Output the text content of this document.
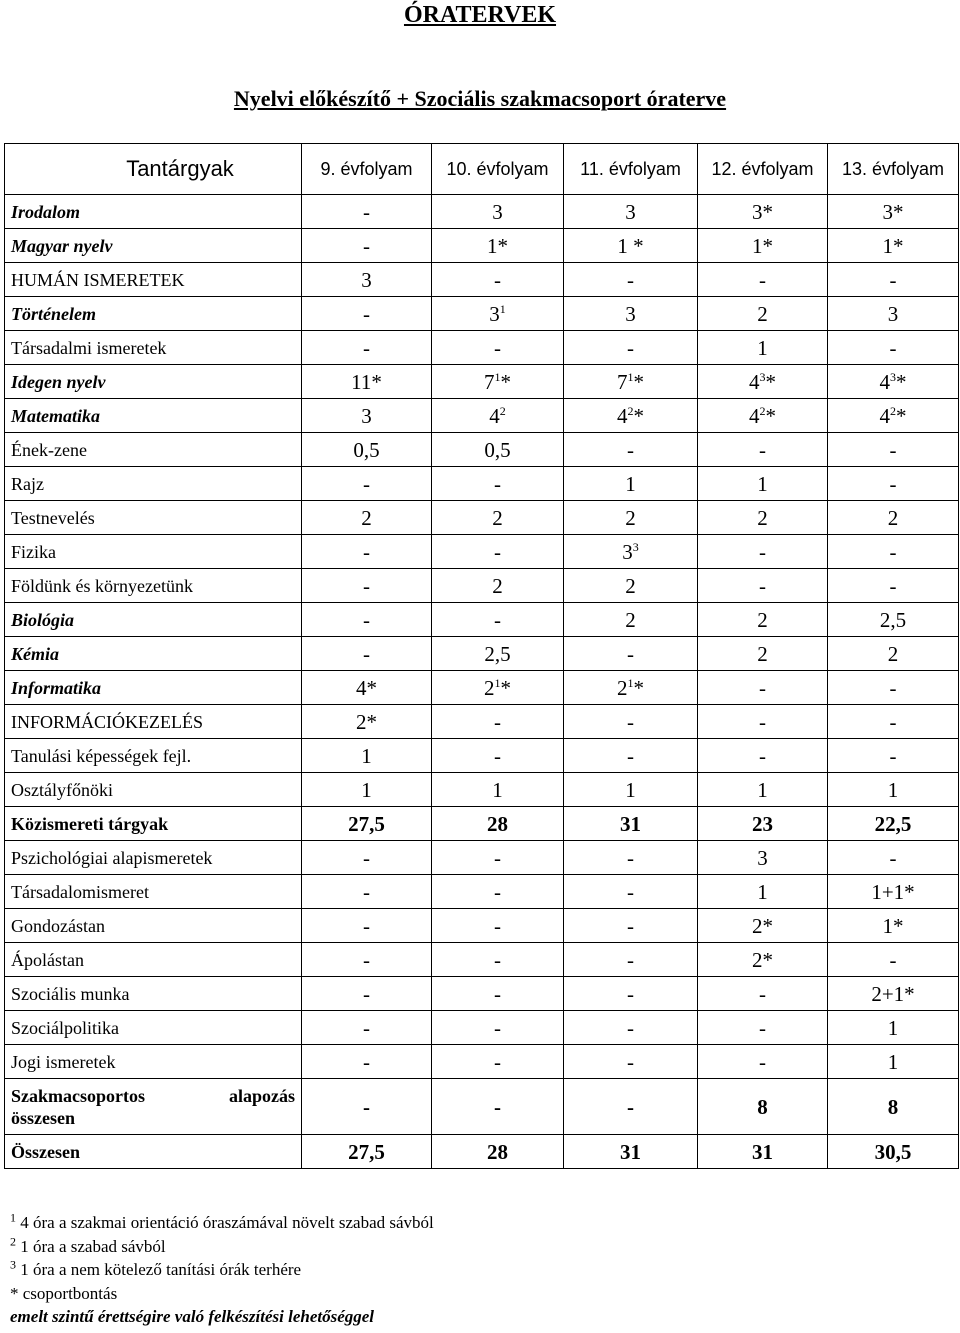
ÓRATERVEK
Nyelvi előkészítő + Szociális szakmacsoport óraterve
Tantárgyak	9. évfolyam	10. évfolyam	11. évfolyam	12. évfolyam	13. évfolyam
Irodalom	-	3	3	3*	3*
Magyar nyelv	-	1*	1 *	1*	1*
HUMÁN ISMERETEK	3	-	-	-	-
Történelem	-	$3^1$	3	2	3
Társadalmi ismeretek	-	-	-	1	-
Idegen nyelv	11*	$7^1*$	$7^1*$	$4^3*$	$4^3*$
Matematika	3	$4^2$	$4^2*$	$4^2*$	$4^2*$
Ének-zene	0,5	0,5	-	-	-
Rajz	-	-	1	1	-
Testnevelés	2	2	2	2	2
Fizika	-	-	$3^3$	-	-
Földünk és környezetünk	-	2	2	-	-
Biológia	-	-	2	2	2,5
Kémia	-	2,5	-	2	2
Informatika	4*	$2^1*$	$2^1*$	-	-
INFORMÁCIÓKEZELÉS	2*	-	-	-	-
Tanulási képességek fejl.	1	-	-	-	-
Osztályfőnöki	1	1	1	1	1
Közismereti tárgyak	27,5	28	31	23	22,5
Pszichológiai alapismeretek	-	-	-	3	-
Társadalomismeret	-	-	-	1	1+1*
Gondozástan	-	-	-	2*	1*
Ápolástan	-	-	-	2*	-
Szociális munka	-	-	-	-	2+1*
Szociálpolitika	-	-	-	-	1
Jogi ismeretek	-	-	-	-	1

Szakmacsoportos alapozás
összesen	-	-	-	8	8
Összesen	27,5	28	31	31	30,5
$^1$ 4 óra a szakmai orientáció óraszámával növelt szabad sávból
$^2$ 1 óra a szabad sávból
$^3$ 1 óra a nem kötelező tanítási órák terhére
* csoportbontás
emelt szintű érettségire való felkészítési lehetőséggel
